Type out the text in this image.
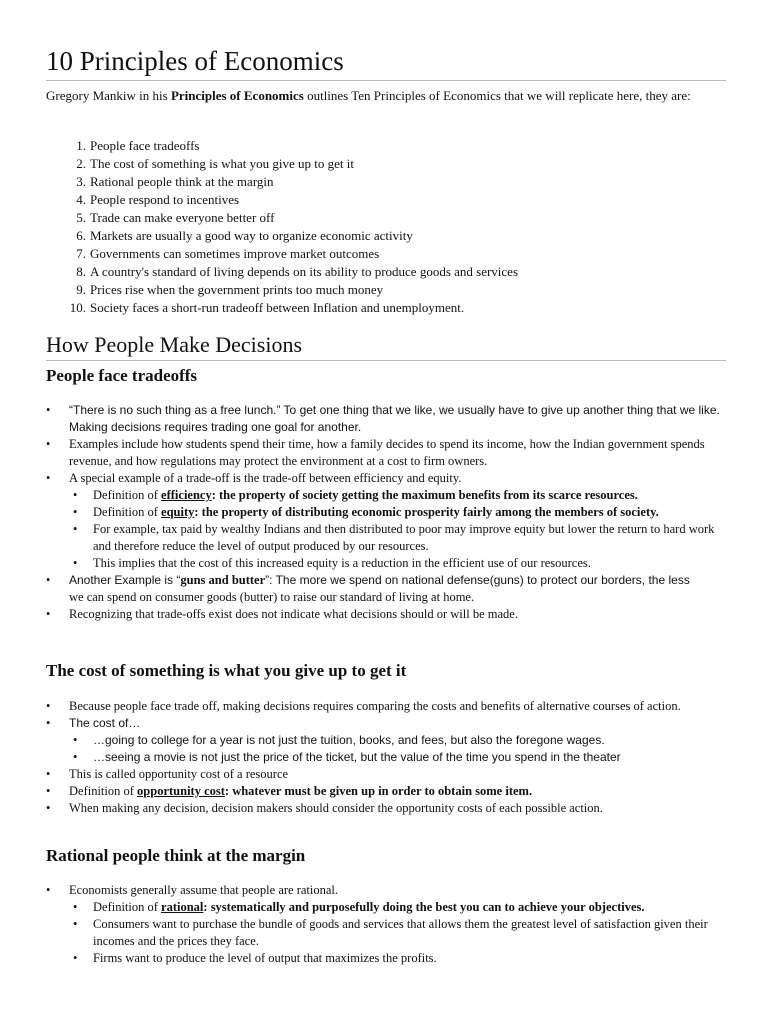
10 Principles of Economics

Gregory Mankiw in his Principles of Economics outlines Ten Principles of Economics that we will replicate here, they are:

1. People face tradeoffs
2. The cost of something is what you give up to get it
3. Rational people think at the margin
4. People respond to incentives
5. Trade can make everyone better off
6. Markets are usually a good way to organize economic activity
7. Governments can sometimes improve market outcomes
8. A country's standard of living depends on its ability to produce goods and services
9. Prices rise when the government prints too much money
10. Society faces a short-run tradeoff between Inflation and unemployment.
How People Make Decisions
People face tradeoffs
• “There is no such thing as a free lunch.” To get one thing that we like, we usually have to give up another thing that we like. Making decisions requires trading one goal for another.
• Examples include how students spend their time, how a family decides to spend its income, how the Indian government spends revenue, and how regulations may protect the environment at a cost to firm owners.
• A special example of a trade-off is the trade-off between efficiency and equity.
• Definition of efficiency: the property of society getting the maximum benefits from its scarce resources.
• Definition of equity: the property of distributing economic prosperity fairly among the members of society.
• For example, tax paid by wealthy Indians and then distributed to poor may improve equity but lower the return to hard work and therefore reduce the level of output produced by our resources.
• This implies that the cost of this increased equity is a reduction in the efficient use of our resources.
• Another Example is “guns and butter”: The more we spend on national defense(guns) to protect our borders, the less
we can spend on consumer goods (butter) to raise our standard of living at home.
• Recognizing that trade-offs exist does not indicate what decisions should or will be made.
The cost of something is what you give up to get it
• Because people face trade off, making decisions requires comparing the costs and benefits of alternative courses of action.
• The cost of…
• …going to college for a year is not just the tuition, books, and fees, but also the foregone wages.
• …seeing a movie is not just the price of the ticket, but the value of the time you spend in the theater
• This is called opportunity cost of a resource
• Definition of opportunity cost: whatever must be given up in order to obtain some item.
• When making any decision, decision makers should consider the opportunity costs of each possible action.
Rational people think at the margin
• Economists generally assume that people are rational.
• Definition of rational: systematically and purposefully doing the best you can to achieve your objectives.
• Consumers want to purchase the bundle of goods and services that allows them the greatest level of satisfaction given their incomes and the prices they face.
• Firms want to produce the level of output that maximizes the profits.
